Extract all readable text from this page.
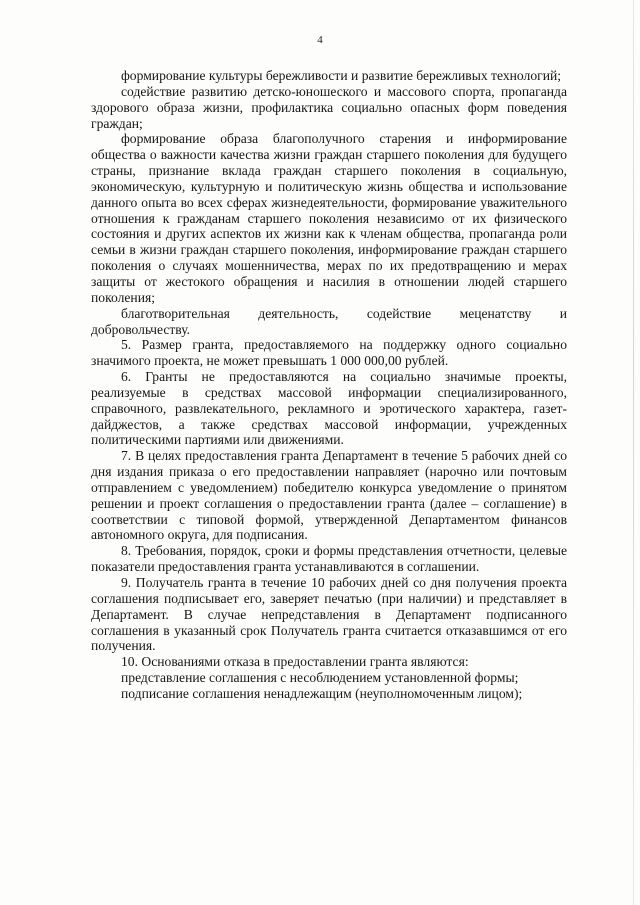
4

формирование культуры бережливости и развитие бережливых технологий;

содействие развитию детско-юношеского и массового спорта, пропаганда здорового образа жизни, профилактика социально опасных форм поведения граждан;

формирование образа благополучного старения и информирование общества о важности качества жизни граждан старшего поколения для будущего страны, признание вклада граждан старшего поколения в социальную, экономическую, культурную и политическую жизнь общества и использование данного опыта во всех сферах жизнедеятельности, формирование уважительного отношения к гражданам старшего поколения независимо от их физического состояния и других аспектов их жизни как к членам общества, пропаганда роли семьи в жизни граждан старшего поколения, информирование граждан старшего поколения о случаях мошенничества, мерах по их предотвращению и мерах защиты от жестокого обращения и насилия в отношении людей старшего поколения;

благотворительная деятельность, содействие меценатству и добровольчеству.

5. Размер гранта, предоставляемого на поддержку одного социально значимого проекта, не может превышать 1 000 000,00 рублей.

6. Гранты не предоставляются на социально значимые проекты, реализуемые в средствах массовой информации специализированного, справочного, развлекательного, рекламного и эротического характера, газет-дайджестов, а также средствах массовой информации, учрежденных политическими партиями или движениями.

7. В целях предоставления гранта Департамент в течение 5 рабочих дней со дня издания приказа о его предоставлении направляет (нарочно или почтовым отправлением с уведомлением) победителю конкурса уведомление о принятом решении и проект соглашения о предоставлении гранта (далее – соглашение) в соответствии с типовой формой, утвержденной Департаментом финансов автономного округа, для подписания.

8. Требования, порядок, сроки и формы представления отчетности, целевые показатели предоставления гранта устанавливаются в соглашении.

9. Получатель гранта в течение 10 рабочих дней со дня получения проекта соглашения подписывает его, заверяет печатью (при наличии) и представляет в Департамент. В случае непредставления в Департамент подписанного соглашения в указанный срок Получатель гранта считается отказавшимся от его получения.

10. Основаниями отказа в предоставлении гранта являются:

представление соглашения с несоблюдением установленной формы;

подписание соглашения ненадлежащим (неуполномоченным лицом);
